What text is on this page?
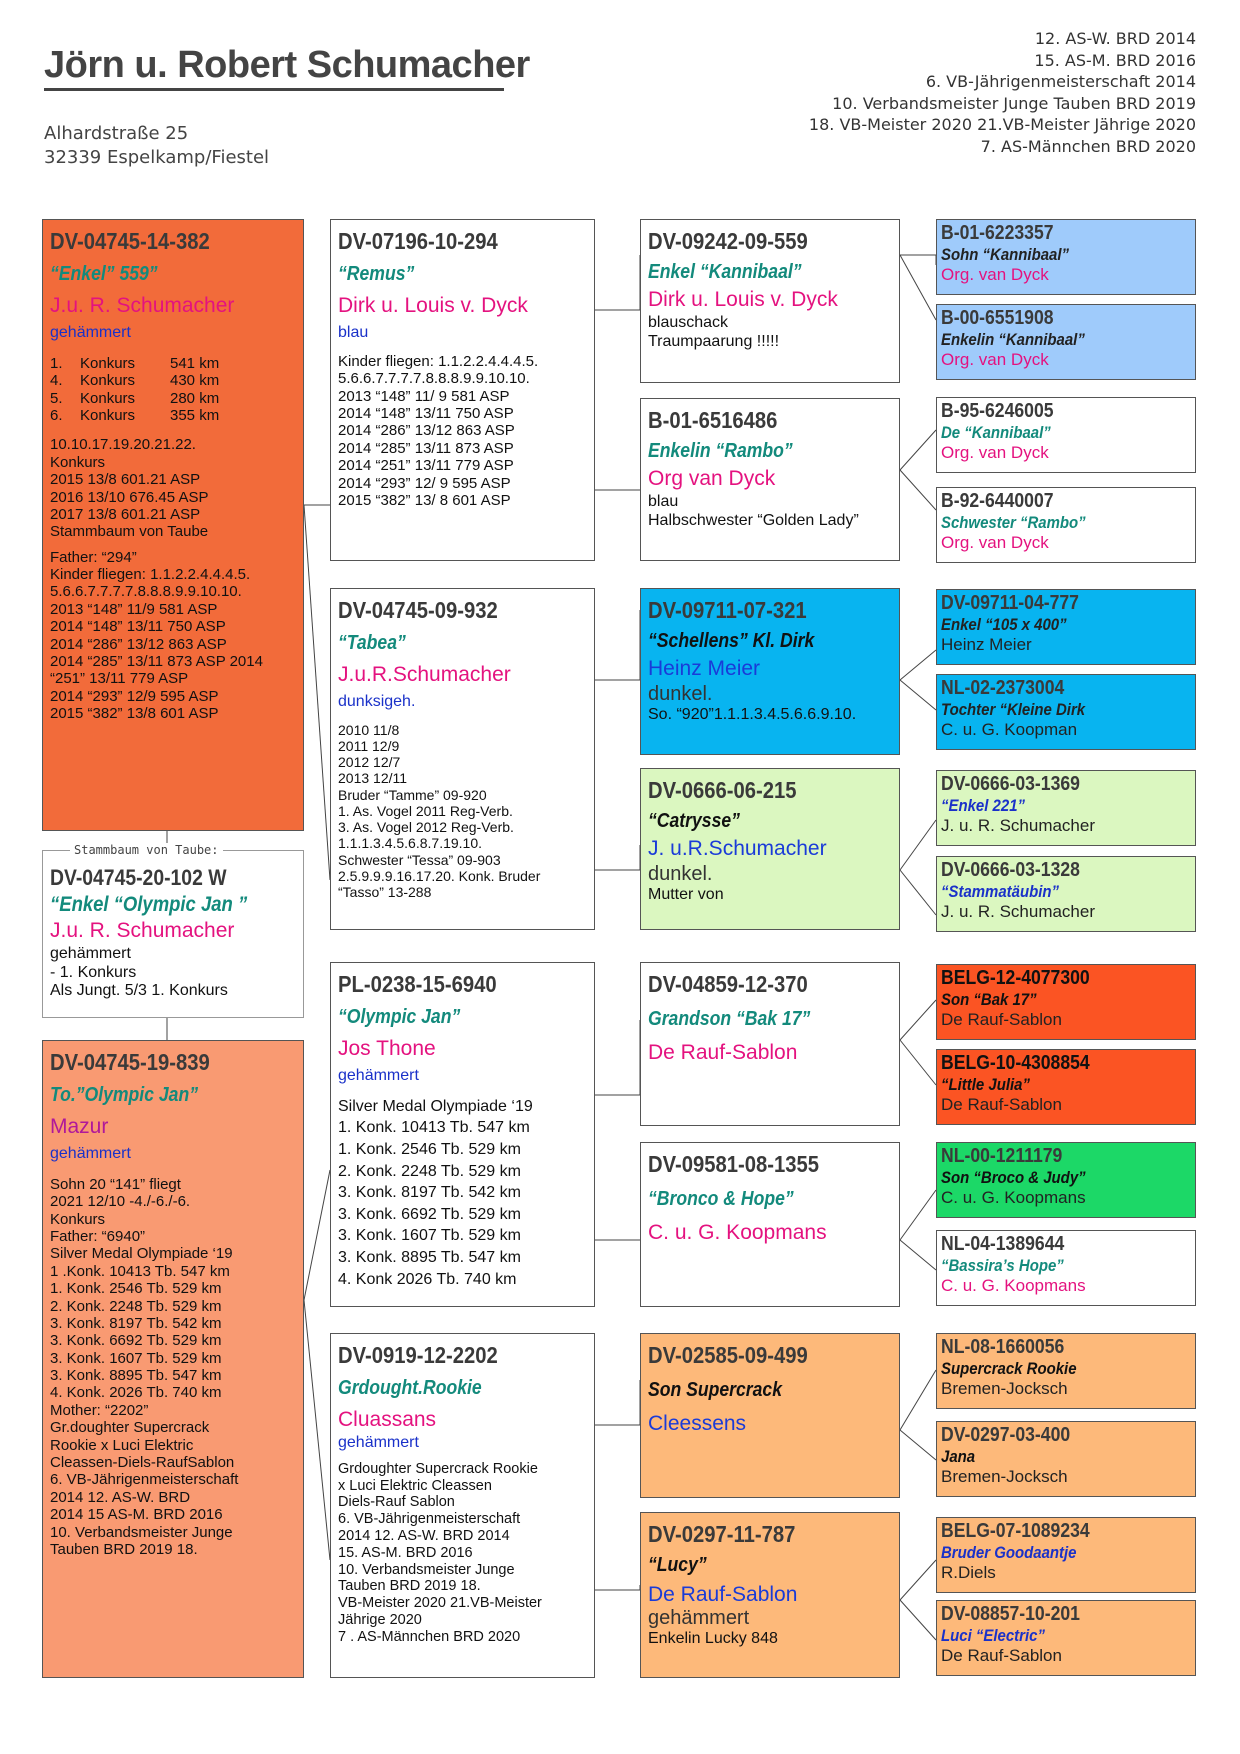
Jörn u. Robert Schumacher
Alhardstraße 25
32339 Espelkamp/Fiestel
12. AS-W. BRD 2014
15. AS-M. BRD 2016
6. VB-Jährigenmeisterschaft 2014
10. Verbandsmeister Junge Tauben BRD 2019
18. VB-Meister 2020 21.VB-Meister Jährige 2020
7. AS-Männchen BRD 2020
DV-04745-14-382
“Enkel” 559”
J.u. R. Schumacher
gehämmert
1. Konkurs 541 km
4. Konkurs 430 km
5. Konkurs 280 km
6. Konkurs 355 km
10.10.17.19.20.21.22.
Konkurs
2015 13/8 601.21 ASP
2016 13/10 676.45 ASP
2017 13/8 601.21 ASP
Stammbaum von Taube
Father: “294”
Kinder fliegen: 1.1.2.2.4.4.4.5.
5.6.6.7.7.7.7.8.8.8.9.9.10.10.
2013 “148” 11/9 581 ASP
2014 “148” 13/11 750 ASP
2014 “286” 13/12 863 ASP
2014 “285” 13/11 873 ASP 2014
“251” 13/11 779 ASP
2014 “293” 12/9 595 ASP
2015 “382” 13/8 601 ASP
DV-04745-20-102 W
“Enkel “Olympic Jan ”
J.u. R. Schumacher
gehämmert
- 1. Konkurs
Als Jungt. 5/3 1. Konkurs
Stammbaum von Taube:
DV-04745-19-839
To.”Olympic Jan”
Mazur
gehämmert
Sohn 20 “141” fliegt
2021 12/10 -4./-6./-6.
Konkurs
Father: “6940”
Silver Medal Olympiade ‘19
1 .Konk. 10413 Tb. 547 km
1. Konk. 2546 Tb. 529 km
2. Konk. 2248 Tb. 529 km
3. Konk. 8197 Tb. 542 km
3. Konk. 6692 Tb. 529 km
3. Konk. 1607 Tb. 529 km
3. Konk. 8895 Tb. 547 km
4. Konk. 2026 Tb. 740 km
Mother: “2202”
Gr.doughter Supercrack
Rookie x Luci Elektric
Cleassen-Diels-RaufSablon
6. VB-Jährigenmeisterschaft
2014 12. AS-W. BRD
2014 15 AS-M. BRD 2016
10. Verbandsmeister Junge
Tauben BRD 2019 18.
DV-07196-10-294
“Remus”
Dirk u. Louis v. Dyck
blau
Kinder fliegen: 1.1.2.2.4.4.4.5.
5.6.6.7.7.7.7.8.8.8.9.9.10.10.
2013 “148” 11/ 9 581 ASP
2014 “148” 13/11 750 ASP
2014 “286” 13/12 863 ASP
2014 “285” 13/11 873 ASP
2014 “251” 13/11 779 ASP
2014 “293” 12/ 9 595 ASP
2015 “382” 13/ 8 601 ASP
DV-04745-09-932
“Tabea”
J.u.R.Schumacher
dunksigeh.
2010 11/8
2011 12/9
2012 12/7
2013 12/11
Bruder “Tamme” 09-920
1. As. Vogel 2011 Reg-Verb.
3. As. Vogel 2012 Reg-Verb.
1.1.1.3.4.5.6.8.7.19.10.
Schwester “Tessa” 09-903
2.5.9.9.9.16.17.20. Konk. Bruder
“Tasso” 13-288
PL-0238-15-6940
“Olympic Jan”
Jos Thone
gehämmert
Silver Medal Olympiade ‘19
1. Konk. 10413 Tb. 547 km
1. Konk. 2546 Tb. 529 km
2. Konk. 2248 Tb. 529 km
3. Konk. 8197 Tb. 542 km
3. Konk. 6692 Tb. 529 km
3. Konk. 1607 Tb. 529 km
3. Konk. 8895 Tb. 547 km
4. Konk 2026 Tb. 740 km
DV-0919-12-2202
Grdought.Rookie
Cluassans
gehämmert
Grdoughter Supercrack Rookie
x Luci Elektric Cleassen
Diels-Rauf Sablon
6. VB-Jährigenmeisterschaft
2014 12. AS-W. BRD 2014
15. AS-M. BRD 2016
10. Verbandsmeister Junge
Tauben BRD 2019 18.
VB-Meister 2020 21.VB-Meister
Jährige 2020
7 . AS-Männchen BRD 2020
DV-09242-09-559
Enkel “Kannibaal”
Dirk u. Louis v. Dyck
blauschack
Traumpaarung !!!!!
B-01-6516486
Enkelin “Rambo”
Org van Dyck
blau
Halbschwester “Golden Lady”
DV-09711-07-321
“Schellens” Kl. Dirk
Heinz Meier
dunkel.
So. “920”1.1.1.3.4.5.6.6.9.10.
DV-0666-06-215
“Catrysse”
J. u.R.Schumacher
dunkel.
Mutter von
DV-04859-12-370
Grandson “Bak 17”
De Rauf-Sablon
DV-09581-08-1355
“Bronco & Hope”
C. u. G. Koopmans
DV-02585-09-499
Son Supercrack
Cleessens
DV-0297-11-787
“Lucy”
De Rauf-Sablon
gehämmert
Enkelin Lucky 848
B-01-6223357
Sohn “Kannibaal”
Org. van Dyck
B-00-6551908
Enkelin “Kannibaal”
Org. van Dyck
B-95-6246005
De “Kannibaal”
Org. van Dyck
B-92-6440007
Schwester “Rambo”
Org. van Dyck
DV-09711-04-777
Enkel “105 x 400”
Heinz Meier
NL-02-2373004
Tochter “Kleine Dirk
C. u. G. Koopman
DV-0666-03-1369
“Enkel 221”
J. u. R. Schumacher
DV-0666-03-1328
“Stammatäubin”
J. u. R. Schumacher
BELG-12-4077300
Son “Bak 17”
De Rauf-Sablon
BELG-10-4308854
“Little Julia”
De Rauf-Sablon
NL-00-1211179
Son “Broco & Judy”
C. u. G. Koopmans
NL-04-1389644
“Bassira’s Hope”
C. u. G. Koopmans
NL-08-1660056
Supercrack Rookie
Bremen-Jocksch
DV-0297-03-400
Jana
Bremen-Jocksch
BELG-07-1089234
Bruder Goodaantje
R.Diels
DV-08857-10-201
Luci “Electric”
De Rauf-Sablon
